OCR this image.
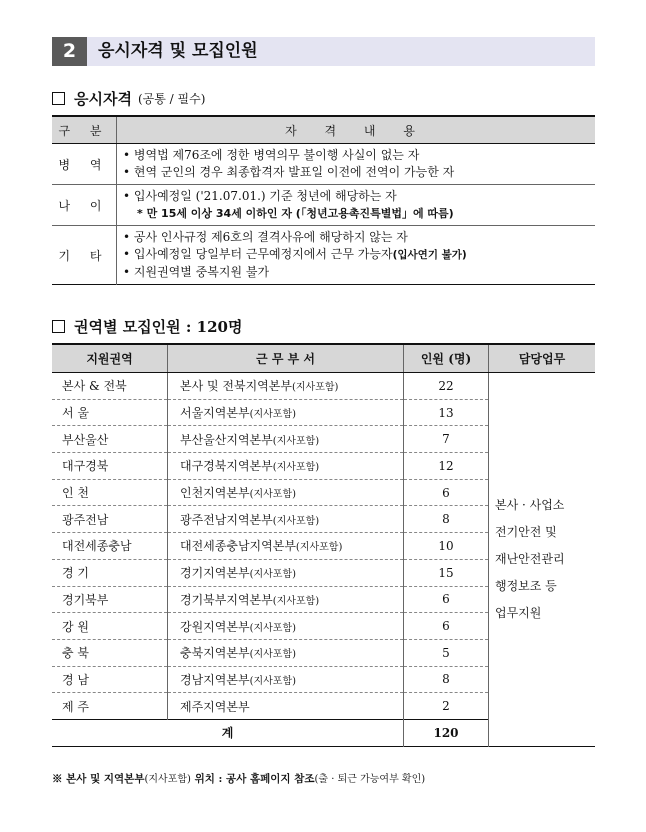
2	응시자격 및 모집인원
응시자격 (공통 / 필수)
구 분	자 격 내 용
병 역	• 병역법 제76조에 정한 병역의무 불이행 사실이 없는 자
• 현역 군인의 경우 최종합격자 발표일 이전에 전역이 가능한 자

나 이	• 입사예정일 ('21.07.01.) 기준 청년에 해당하는 자
* 만 15세 이상 34세 이하인 자 (「청년고용촉진특별법」에 따름)

기 타	• 공사 인사규정 제6호의 결격사유에 해당하지 않는 자
• 입사예정일 당일부터 근무예정지에서 근무 가능자(입사연기 불가)
• 지원권역별 중복지원 불가
권역별 모집인원 : 120명
지원권역	근 무 부 서	인원 (명)	담당업무
본사 & 전북	본사 및 전북지역본부(지사포함)	22	본사 · 사업소
전기안전 및
재난안전관리
행정보조 등
업무지원

서 울	서울지역본부(지사포함)	13	
부산울산	부산울산지역본부(지사포함)	7	
대구경북	대구경북지역본부(지사포함)	12	
인 천	인천지역본부(지사포함)	6	
광주전남	광주전남지역본부(지사포함)	8	
대전세종충남	대전세종충남지역본부(지사포함)	10	
경 기	경기지역본부(지사포함)	15	
경기북부	경기북부지역본부(지사포함)	6	
강 원	강원지역본부(지사포함)	6	
충 북	충북지역본부(지사포함)	5	
경 남	경남지역본부(지사포함)	8	
제 주	제주지역본부	2	
계		120	
※ 본사 및 지역본부(지사포함) 위치 : 공사 홈페이지 참조(출 · 퇴근 가능여부 확인)
